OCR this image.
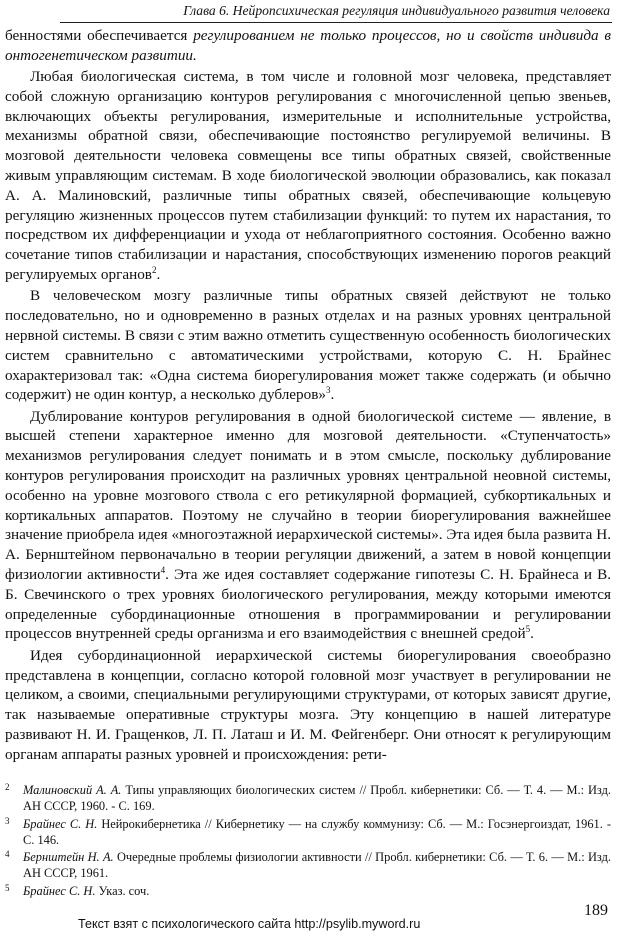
Глава 6. Нейропсихическая регуляция индивидуального развития человека

бенностями обеспечивается регулированием не только процессов, но и свойств индивида в онтогенетическом развитии.

Любая биологическая система, в том числе и головной мозг человека, представляет собой сложную организацию контуров регулирования с многочисленной цепью звеньев, включающих объекты регулирования, измерительные и исполнительные устройства, механизмы обратной связи, обеспечивающие постоянство регулируемой величины. В мозговой деятельности человека совмещены все типы обратных связей, свойственные живым управляющим системам. В ходе биологической эволюции образовались, как показал А. А. Малиновский, различные типы обратных связей, обеспечивающие кольцевую регуляцию жизненных процессов путем стабилизации функций: то путем их нарастания, то посредством их дифференциации и ухода от неблагоприятного состояния. Особенно важно сочетание типов стабилизации и нарастания, способствующих изменению порогов реакций регулируемых органов$^2$.

В человеческом мозгу различные типы обратных связей действуют не только последовательно, но и одновременно в разных отделах и на разных уровнях центральной нервной системы. В связи с этим важно отметить существенную особенность биологических систем сравнительно с автоматическими устройствами, которую С. Н. Брайнес охарактеризовал так: «Одна система биорегулирования может также содержать (и обычно содержит) не один контур, а несколько дублеров»$^3$.

Дублирование контуров регулирования в одной биологической системе — явление, в высшей степени характерное именно для мозговой деятельности. «Ступенчатость» механизмов регулирования следует понимать и в этом смысле, поскольку дублирование контуров регулирования происходит на различных уровнях центральной неовной системы, особенно на уровне мозгового ствола с его ретикулярной формацией, субкортикальных и кортикальных аппаратов. Поэтому не случайно в теории биорегулирования важнейшее значение приобрела идея «многоэтажной иерархической системы». Эта идея была развита Н. А. Бернштейном первоначально в теории регуляции движений, а затем в новой концепции физиологии активности$^4$. Эта же идея составляет содержание гипотезы С. Н. Брайнеса и В. Б. Свечинского о трех уровнях биологического регулирования, между которыми имеются определенные субординационные отношения в программировании и регулировании процессов внутренней среды организма и его взаимодействия с внешней средой$^5$.

Идея субординационной иерархической системы биорегулирования своеобразно представлена в концепции, согласно которой головной мозг участвует в регулировании не целиком, а своими, специальными регулирующими структурами, от которых зависят другие, так называемые оперативные структуры мозга. Эту концепцию в нашей литературе развивают Н. И. Гращенков, Л. П. Латаш и И. М. Фейгенберг. Они относят к регулирующим органам аппараты разных уровней и происхождения: рети-

2 Малиновский А. А. Типы управляющих биологических систем // Пробл. кибернетики: Сб. — Т. 4. — М.: Изд. АН СССР, 1960. - С. 169.
3 Брайнес С. Н. Нейрокибернетика // Кибернетику — на службу коммунизу: Сб. — М.: Госэнергоиздат, 1961. - С. 146.
4 Бернштейн Н. А. Очередные проблемы физиологии активности // Пробл. кибернетики: Сб. — Т. 6. — М.: Изд. АН СССР, 1961.
5 Брайнес С. Н. Указ. соч.
189
Текст взят с психологического сайта http://psylib.myword.ru
